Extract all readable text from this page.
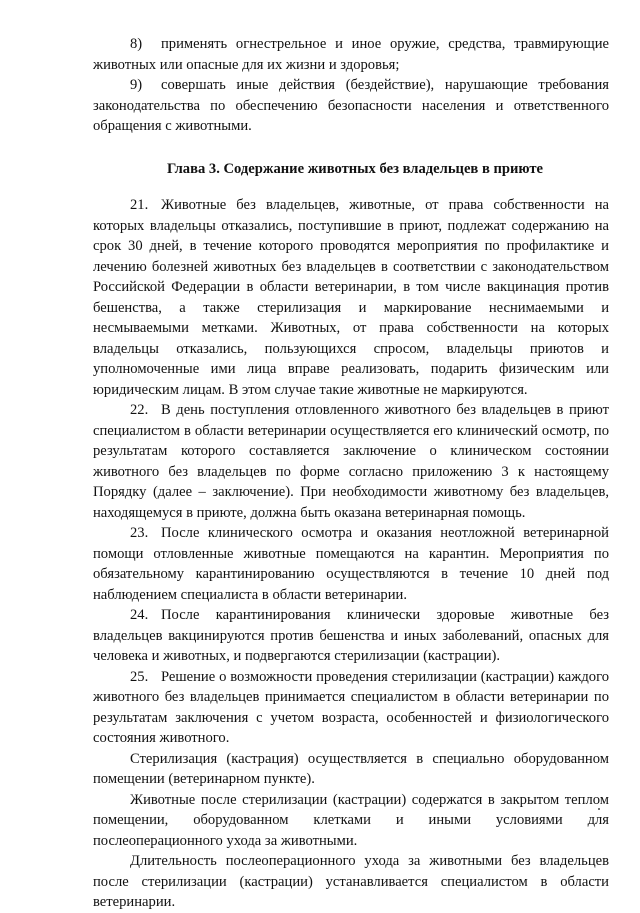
8) применять огнестрельное и иное оружие, средства, травмирующие животных или опасные для их жизни и здоровья;

9) совершать иные действия (бездействие), нарушающие требования законодательства по обеспечению безопасности населения и ответственного обращения с животными.

Глава 3. Содержание животных без владельцев в приюте

21. Животные без владельцев, животные, от права собственности на которых владельцы отказались, поступившие в приют, подлежат содержанию на срок 30 дней, в течение которого проводятся мероприятия по профилактике и лечению болезней животных без владельцев в соответствии с законодательством Российской Федерации в области ветеринарии, в том числе вакцинация против бешенства, а также стерилизация и маркирование неснимаемыми и несмываемыми метками. Животных, от права собственности на которых владельцы отказались, пользующихся спросом, владельцы приютов и уполномоченные ими лица вправе реализовать, подарить физическим или юридическим лицам. В этом случае такие животные не маркируются.

22. В день поступления отловленного животного без владельцев в приют специалистом в области ветеринарии осуществляется его клинический осмотр, по результатам которого составляется заключение о клиническом состоянии животного без владельцев по форме согласно приложению 3 к настоящему Порядку (далее – заключение). При необходимости животному без владельцев, находящемуся в приюте, должна быть оказана ветеринарная помощь.

23. После клинического осмотра и оказания неотложной ветеринарной помощи отловленные животные помещаются на карантин. Мероприятия по обязательному карантинированию осуществляются в течение 10 дней под наблюдением специалиста в области ветеринарии.

24. После карантинирования клинически здоровые животные без владельцев вакцинируются против бешенства и иных заболеваний, опасных для человека и животных, и подвергаются стерилизации (кастрации).

25. Решение о возможности проведения стерилизации (кастрации) каждого животного без владельцев принимается специалистом в области ветеринарии по результатам заключения с учетом возраста, особенностей и физиологического состояния животного.

Стерилизация (кастрация) осуществляется в специально оборудованном помещении (ветеринарном пункте).

Животные после стерилизации (кастрации) содержатся в закрытом теплом помещении, оборудованном клетками и иными условиями для послеоперационного ухода за животными.

Длительность послеоперационного ухода за животными без владельцев после стерилизации (кастрации) устанавливается специалистом в области ветеринарии.
